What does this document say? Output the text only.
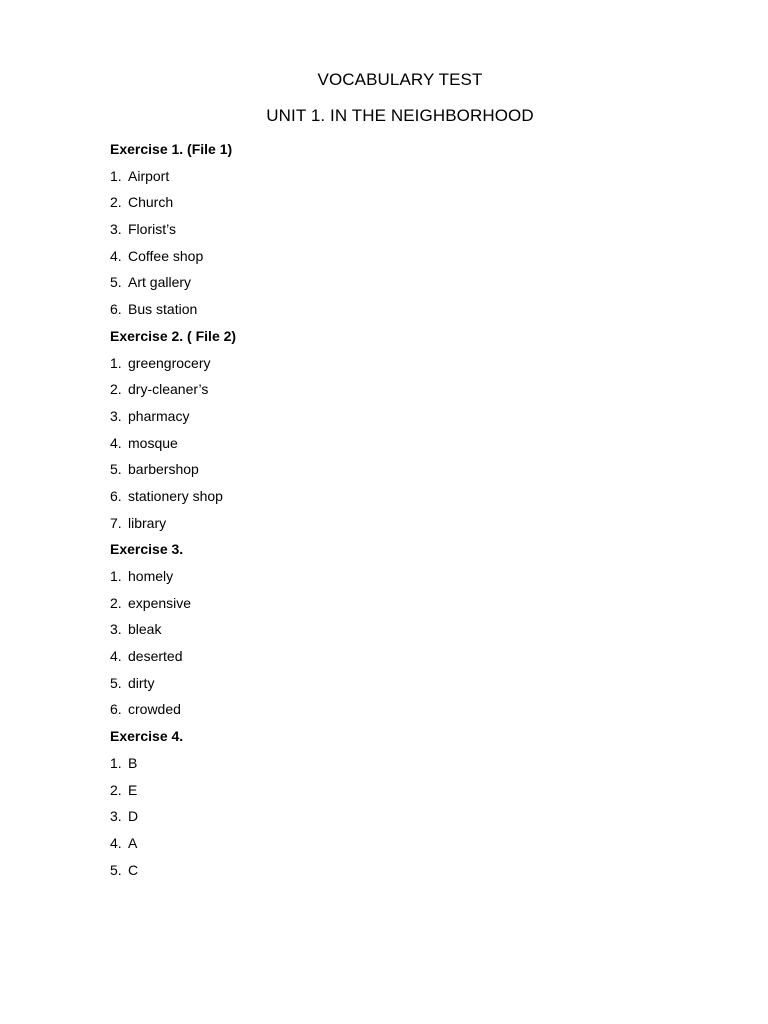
VOCABULARY TEST
UNIT 1. IN THE NEIGHBORHOOD
Exercise 1. (File 1)
1. Airport
2. Church
3. Florist’s
4. Coffee shop
5. Art gallery
6. Bus station
Exercise 2. ( File 2)
1. greengrocery
2. dry-cleaner’s
3. pharmacy
4. mosque
5. barbershop
6. stationery shop
7. library
Exercise 3.
1. homely
2. expensive
3. bleak
4. deserted
5. dirty
6. crowded
Exercise 4.
1. B
2. E
3. D
4. A
5. C
